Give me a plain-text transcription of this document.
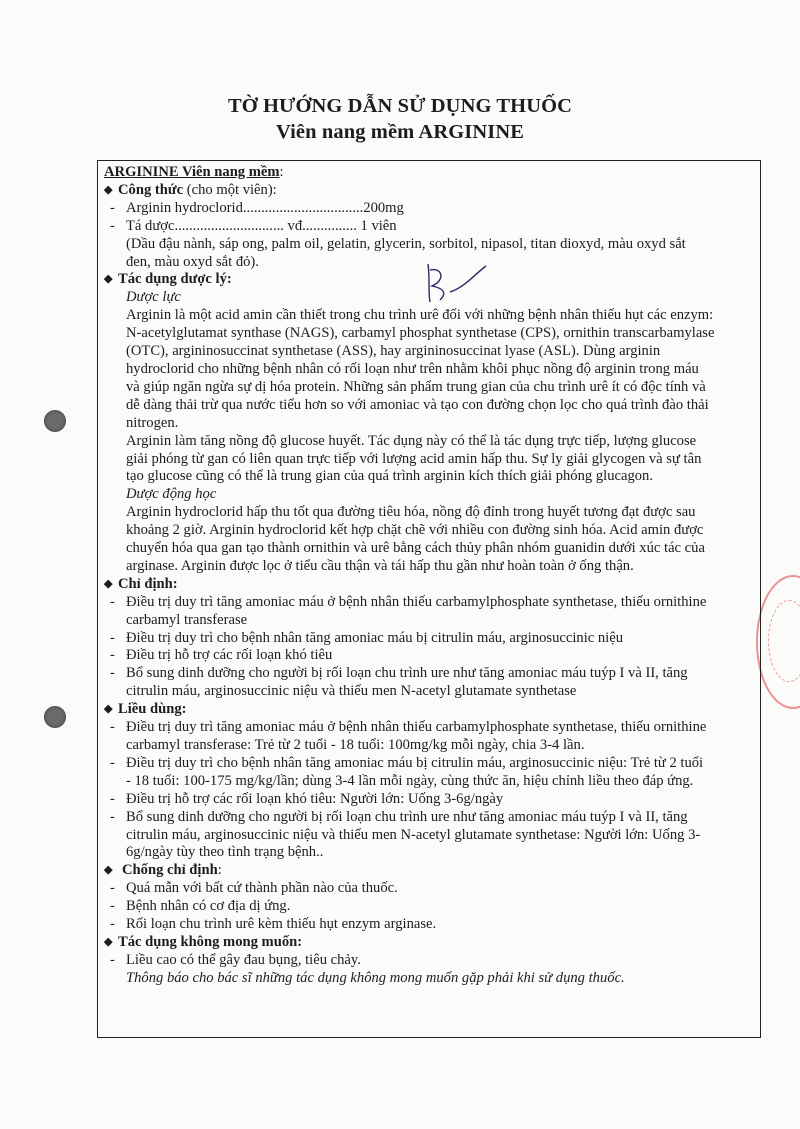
TỜ HƯỚNG DẪN SỬ DỤNG THUỐC
Viên nang mềm ARGININE
ARGININE Viên nang mềm:
◆ Công thức (cho một viên):
- Arginin hydroclorid.................................200mg
- Tá dược.............................. vđ............... 1 viên
(Dầu đậu nành, sáp ong, palm oil, gelatin, glycerin, sorbitol, nipasol, titan dioxyd, màu oxyd sắt
đen, màu oxyd sắt đỏ).
◆ Tác dụng dược lý:
Dược lực
Arginin là một acid amin cần thiết trong chu trình urê đối với những bệnh nhân thiếu hụt các enzym:
N-acetylglutamat synthase (NAGS), carbamyl phosphat synthetase (CPS), ornithin transcarbamylase
(OTC), argininosuccinat synthetase (ASS), hay argininosuccinat lyase (ASL). Dùng arginin
hydroclorid cho những bệnh nhân có rối loạn như trên nhằm khôi phục nồng độ arginin trong máu
và giúp ngăn ngừa sự dị hóa protein. Những sản phẩm trung gian của chu trình urê ít có độc tính và
dễ dàng thải trừ qua nước tiểu hơn so với amoniac và tạo con đường chọn lọc cho quá trình đào thải
nitrogen.
Arginin làm tăng nồng độ glucose huyết. Tác dụng này có thể là tác dụng trực tiếp, lượng glucose
giải phóng từ gan có liên quan trực tiếp với lượng acid amin hấp thu. Sự ly giải glycogen và sự tân
tạo glucose cũng có thể là trung gian của quá trình arginin kích thích giải phóng glucagon.
Dược động học
Arginin hydroclorid hấp thu tốt qua đường tiêu hóa, nồng độ đỉnh trong huyết tương đạt được sau
khoảng 2 giờ. Arginin hydroclorid kết hợp chặt chẽ với nhiều con đường sinh hóa. Acid amin được
chuyển hóa qua gan tạo thành ornithin và urê bằng cách thủy phân nhóm guanidin dưới xúc tác của
arginase. Arginin được lọc ở tiểu cầu thận và tái hấp thu gần như hoàn toàn ở ống thận.
◆ Chỉ định:
- Điều trị duy trì tăng amoniac máu ở bệnh nhân thiếu carbamylphosphate synthetase, thiếu ornithine
carbamyl transferase
- Điều trị duy trì cho bệnh nhân tăng amoniac máu bị citrulin máu, arginosuccinic niệu
- Điều trị hỗ trợ các rối loạn khó tiêu
- Bổ sung dinh dưỡng cho người bị rối loạn chu trình ure như tăng amoniac máu tuýp I và II, tăng
citrulin máu, arginosuccinic niệu và thiếu men N-acetyl glutamate synthetase
◆ Liều dùng:
- Điều trị duy trì tăng amoniac máu ở bệnh nhân thiếu carbamylphosphate synthetase, thiếu ornithine
carbamyl transferase: Trẻ từ 2 tuổi - 18 tuổi: 100mg/kg mỗi ngày, chia 3-4 lần.
- Điều trị duy trì cho bệnh nhân tăng amoniac máu bị citrulin máu, arginosuccinic niệu: Trẻ từ 2 tuổi
- 18 tuổi: 100-175 mg/kg/lần; dùng 3-4 lần mỗi ngày, cùng thức ăn, hiệu chỉnh liều theo đáp ứng.
- Điều trị hỗ trợ các rối loạn khó tiêu: Người lớn: Uống 3-6g/ngày
- Bổ sung dinh dưỡng cho người bị rối loạn chu trình ure như tăng amoniac máu tuýp I và II, tăng
citrulin máu, arginosuccinic niệu và thiếu men N-acetyl glutamate synthetase: Người lớn: Uống 3-
6g/ngày tùy theo tình trạng bệnh..
◆ Chống chỉ định:
- Quá mẫn với bất cứ thành phần nào của thuốc.
- Bệnh nhân có cơ địa dị ứng.
- Rối loạn chu trình urê kèm thiếu hụt enzym arginase.
◆ Tác dụng không mong muốn:
- Liều cao có thể gây đau bụng, tiêu chảy.
Thông báo cho bác sĩ những tác dụng không mong muốn gặp phải khi sử dụng thuốc.
